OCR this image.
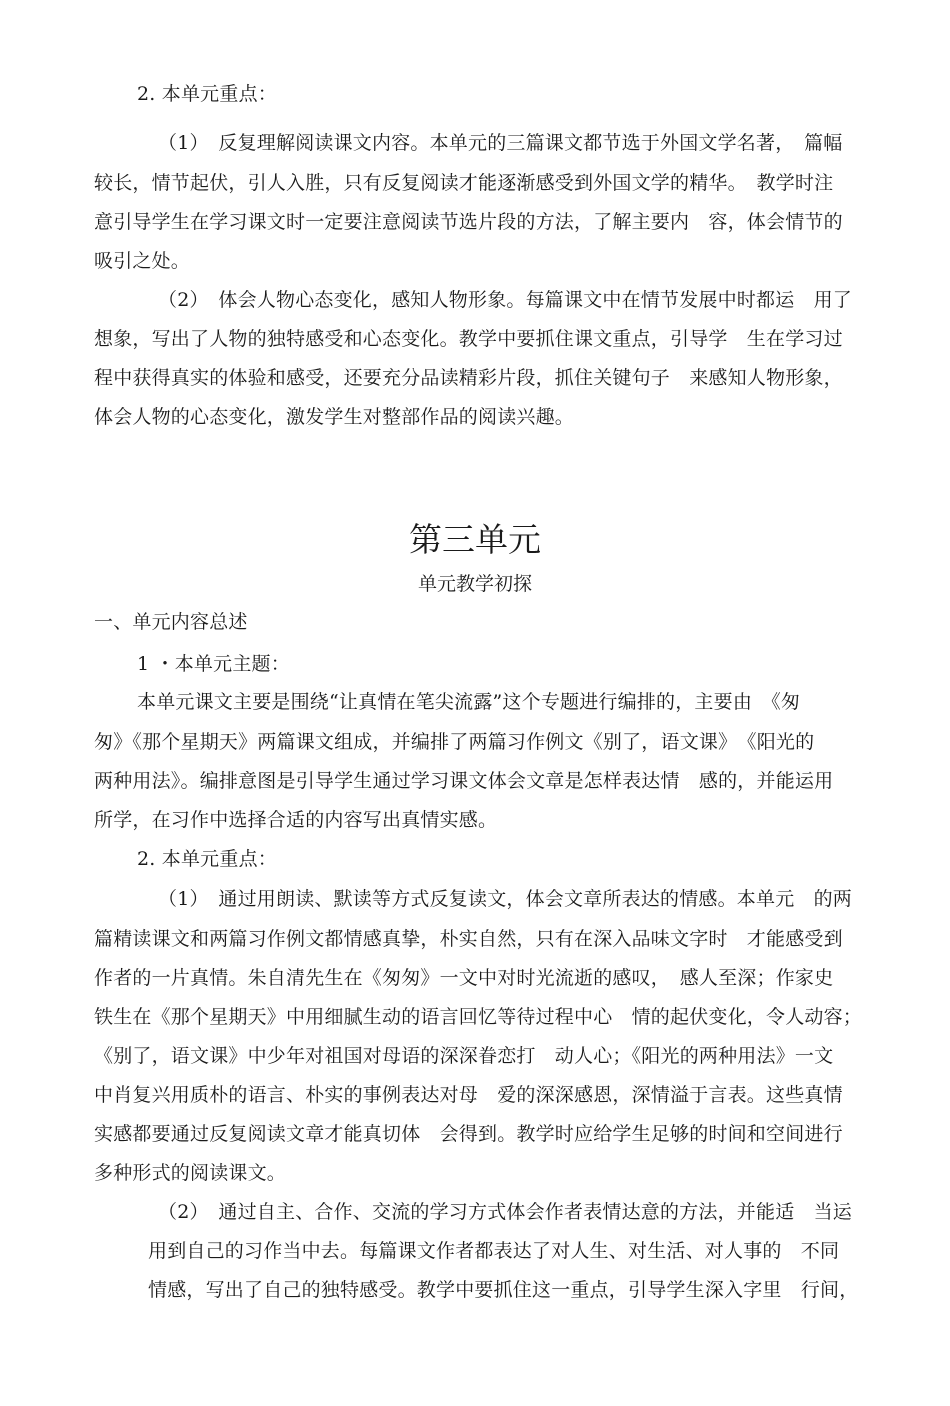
2. 本单元重点：
（1）　反复理解阅读课文内容。本单元的三篇课文都节选于外国文学名著，　篇幅
较长，情节起伏，引人入胜，只有反复阅读才能逐渐感受到外国文学的精华。　教学时注
意引导学生在学习课文时一定要注意阅读节选片段的方法，了解主要内　容，体会情节的
吸引之处。
（2）　体会人物心态变化，感知人物形象。每篇课文中在情节发展中时都运　用了
想象，写出了人物的独特感受和心态变化。教学中要抓住课文重点，引导学　生在学习过
程中获得真实的体验和感受，还要充分品读精彩片段，抓住关键句子　来感知人物形象，
体会人物的心态变化，激发学生对整部作品的阅读兴趣。
第三单元
单元教学初探
一、单元内容总述
1 ・本单元主题：
本单元课文主要是围绕“让真情在笔尖流露”这个专题进行编排的，主要由　《匆
匆》《那个星期天》两篇课文组成，并编排了两篇习作例文《别了，语文课》　《阳光的
两种用法》。编排意图是引导学生通过学习课文体会文章是怎样表达情　感的，并能运用
所学，在习作中选择合适的内容写出真情实感。
2. 本单元重点：
（1）　通过用朗读、默读等方式反复读文，体会文章所表达的情感。本单元　的两
篇精读课文和两篇习作例文都情感真挚，朴实自然，只有在深入品味文字时　才能感受到
作者的一片真情。朱自清先生在《匆匆》一文中对时光流逝的感叹，　感人至深；作家史
铁生在《那个星期天》中用细腻生动的语言回忆等待过程中心　情的起伏变化，令人动容；
《别了，语文课》中少年对祖国对母语的深深眷恋打　动人心；《阳光的两种用法》一文
中肖复兴用质朴的语言、朴实的事例表达对母　爱的深深感恩，深情溢于言表。这些真情
实感都要通过反复阅读文章才能真切体　会得到。教学时应给学生足够的时间和空间进行
多种形式的阅读课文。
（2）　通过自主、合作、交流的学习方式体会作者表情达意的方法，并能适　当运
用到自己的习作当中去。每篇课文作者都表达了对人生、对生活、对人事的　不同
情感，写出了自己的独特感受。教学中要抓住这一重点，引导学生深入字里　行间，
